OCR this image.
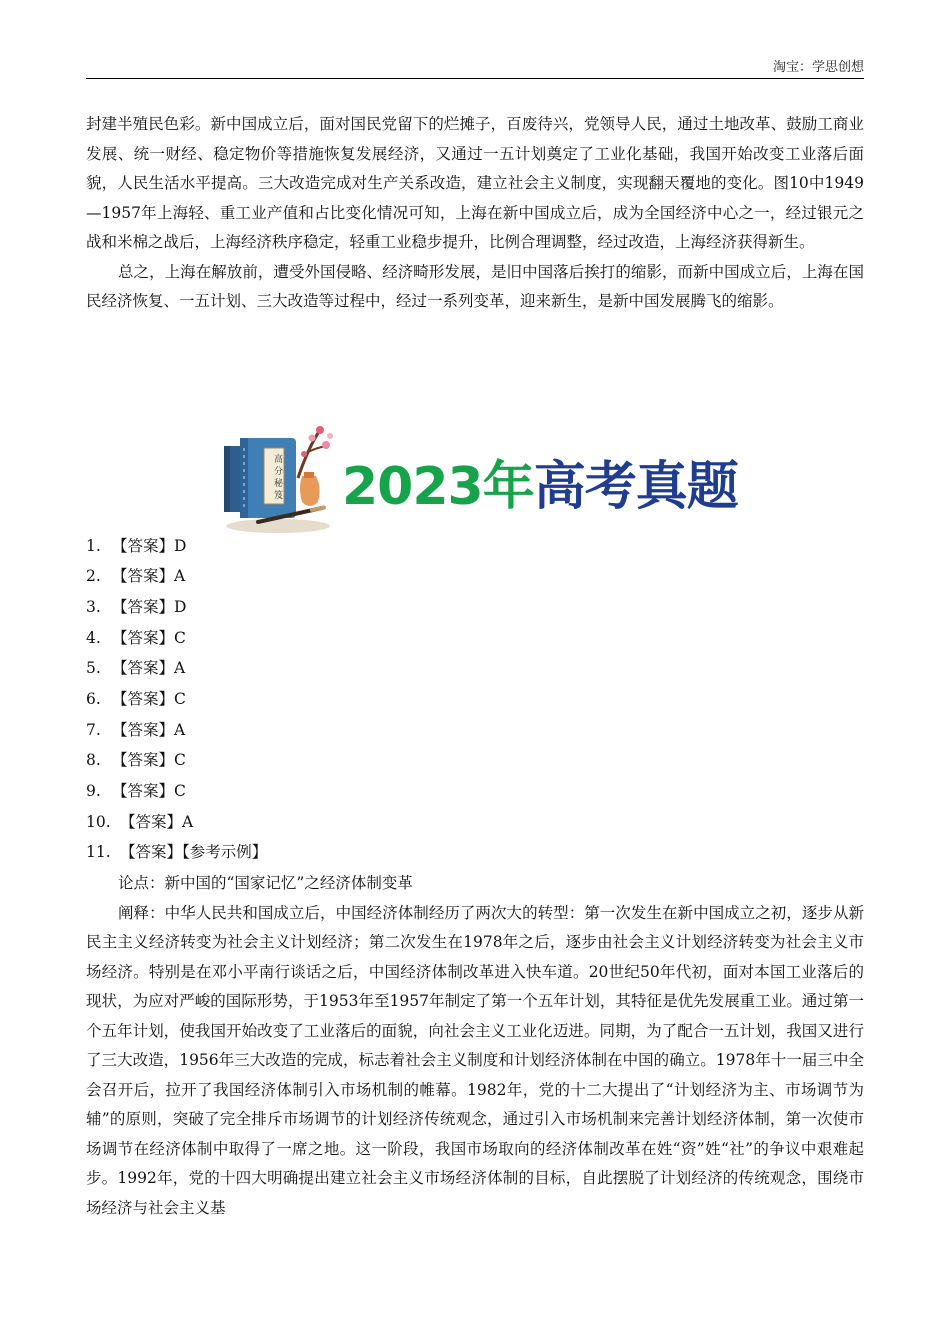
淘宝：学思创想

封建半殖民色彩。新中国成立后，面对国民党留下的烂摊子，百废待兴，党领导人民，通过土地改革、鼓励工商业发展、统一财经、稳定物价等措施恢复发展经济，又通过一五计划奠定了工业化基础，我国开始改变工业落后面貌，人民生活水平提高。三大改造完成对生产关系改造，建立社会主义制度，实现翻天覆地的变化。图10中1949—1957年上海轻、重工业产值和占比变化情况可知，上海在新中国成立后，成为全国经济中心之一，经过银元之战和米棉之战后，上海经济秩序稳定，轻重工业稳步提升，比例合理调整，经过改造，上海经济获得新生。

总之，上海在解放前，遭受外国侵略、经济畸形发展，是旧中国落后挨打的缩影，而新中国成立后，上海在国民经济恢复、一五计划、三大改造等过程中，经过一系列变革，迎来新生，是新中国发展腾飞的缩影。

高
分
秘
笈 2023年高考真题
1. 【答案】D
2. 【答案】A
3. 【答案】D
4. 【答案】C
5. 【答案】A
6. 【答案】C
7. 【答案】A
8. 【答案】C
9. 【答案】C
10. 【答案】A
11. 【答案】【参考示例】

论点：新中国的“国家记忆”之经济体制变革

阐释：中华人民共和国成立后，中国经济体制经历了两次大的转型：第一次发生在新中国成立之初，逐步从新民主主义经济转变为社会主义计划经济；第二次发生在1978年之后，逐步由社会主义计划经济转变为社会主义市场经济。特别是在邓小平南行谈话之后，中国经济体制改革进入快车道。20世纪50年代初，面对本国工业落后的现状，为应对严峻的国际形势，于1953年至1957年制定了第一个五年计划，其特征是优先发展重工业。通过第一个五年计划，使我国开始改变了工业落后的面貌，向社会主义工业化迈进。同期，为了配合一五计划，我国又进行了三大改造，1956年三大改造的完成，标志着社会主义制度和计划经济体制在中国的确立。1978年十一届三中全会召开后，拉开了我国经济体制引入市场机制的帷幕。1982年，党的十二大提出了“计划经济为主、市场调节为辅”的原则，突破了完全排斥市场调节的计划经济传统观念，通过引入市场机制来完善计划经济体制，第一次使市场调节在经济体制中取得了一席之地。这一阶段，我国市场取向的经济体制改革在姓“资”姓“社”的争议中艰难起步。1992年，党的十四大明确提出建立社会主义市场经济体制的目标，自此摆脱了计划经济的传统观念，围绕市场经济与社会主义基
